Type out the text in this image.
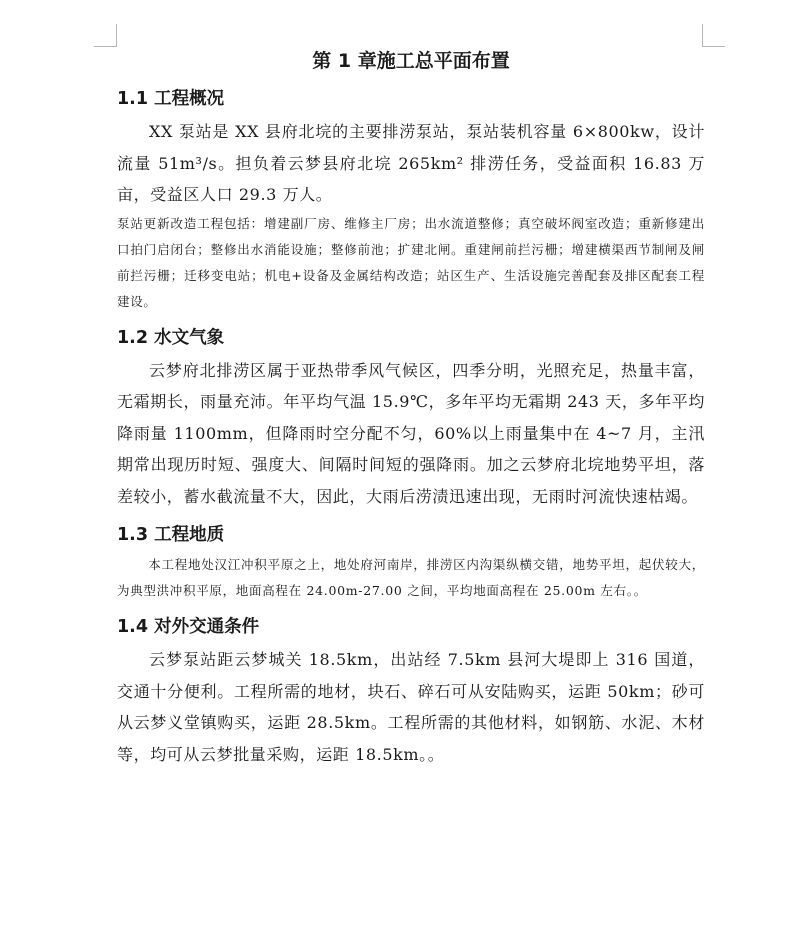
第 1 章施工总平面布置
1.1 工程概况

XX 泵站是 XX 县府北垸的主要排涝泵站，泵站装机容量 6×800kw，设计流量 51m³/s。担负着云梦县府北垸 265km² 排涝任务，受益面积 16.83 万亩，受益区人口 29.3 万人。

泵站更新改造工程包括：增建副厂房、维修主厂房；出水流道整修；真空破坏阀室改造；重新修建出口拍门启闭台；整修出水消能设施；整修前池；扩建北闸。重建闸前拦污栅；增建横渠西节制闸及闸前拦污栅；迁移变电站；机电+设备及金属结构改造；站区生产、生活设施完善配套及排区配套工程建设。

1.2 水文气象

云梦府北排涝区属于亚热带季风气候区，四季分明，光照充足，热量丰富，无霜期长，雨量充沛。年平均气温 15.9℃，多年平均无霜期 243 天，多年平均降雨量 1100mm，但降雨时空分配不匀，60%以上雨量集中在 4~7 月，主汛期常出现历时短、强度大、间隔时间短的强降雨。加之云梦府北垸地势平坦，落差较小，蓄水截流量不大，因此，大雨后涝渍迅速出现，无雨时河流快速枯竭。

1.3 工程地质

本工程地处汉江冲积平原之上，地处府河南岸，排涝区内沟渠纵横交错，地势平坦，起伏较大，为典型洪冲积平原，地面高程在 24.00m-27.00 之间，平均地面高程在 25.00m 左右。。

1.4 对外交通条件

云梦泵站距云梦城关 18.5km，出站经 7.5km 县河大堤即上 316 国道，交通十分便利。工程所需的地材，块石、碎石可从安陆购买，运距 50km；砂可从云梦义堂镇购买，运距 28.5km。工程所需的其他材料，如钢筋、水泥、木材等，均可从云梦批量采购，运距 18.5km。。
